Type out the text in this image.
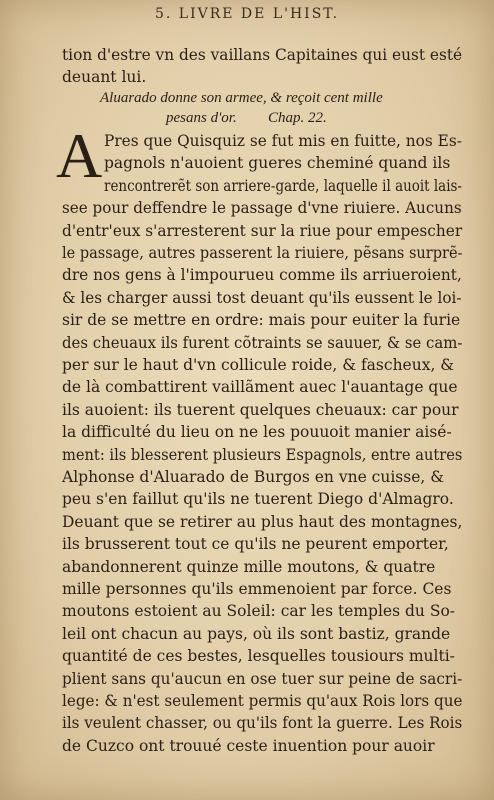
5. LIVRE DE L'HIST.
tion d'estre vn des vaillans Capitaines qui eust esté
deuant lui.
Aluarado donne son armee, & reçoit cent mille
pesans d'or. Chap. 22.
A Pres que Quisquiz se fut mis en fuitte, nos Es-
pagnols n'auoient gueres cheminé quand ils
rencontrerẽt son arriere-garde, laquelle il auoit lais-
see pour deffendre le passage d'vne riuiere. Aucuns
d'entr'eux s'arresterent sur la riue pour empescher
le passage, autres passerent la riuiere, pẽsans surprẽ-
dre nos gens à l'impourueu comme ils arriueroient,
& les charger aussi tost deuant qu'ils eussent le loi-
sir de se mettre en ordre: mais pour euiter la furie
des cheuaux ils furent cõtraints se sauuer, & se cam-
per sur le haut d'vn collicule roide, & fascheux, &
de là combattirent vaillãment auec l'auantage que
ils auoient: ils tuerent quelques cheuaux: car pour
la difficulté du lieu on ne les pouuoit manier aisé-
ment: ils blesserent plusieurs Espagnols, entre autres
Alphonse d'Aluarado de Burgos en vne cuisse, &
peu s'en faillut qu'ils ne tuerent Diego d'Almagro.
Deuant que se retirer au plus haut des montagnes,
ils brusserent tout ce qu'ils ne peurent emporter,
abandonnerent quinze mille moutons, & quatre
mille personnes qu'ils emmenoient par force. Ces
moutons estoient au Soleil: car les temples du So-
leil ont chacun au pays, où ils sont bastiz, grande
quantité de ces bestes, lesquelles tousiours multi-
plient sans qu'aucun en ose tuer sur peine de sacri-
lege: & n'est seulement permis qu'aux Rois lors que
ils veulent chasser, ou qu'ils font la guerre. Les Rois
de Cuzco ont trouué ceste inuention pour auoir
